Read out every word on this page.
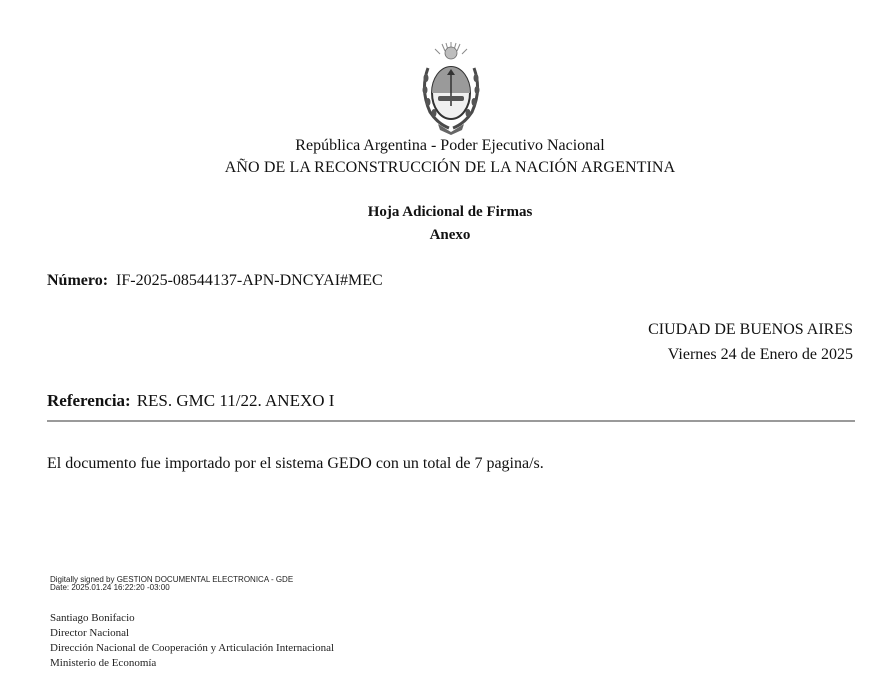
República Argentina - Poder Ejecutivo Nacional
AÑO DE LA RECONSTRUCCIÓN DE LA NACIÓN ARGENTINA
Hoja Adicional de Firmas
Anexo
Número: IF-2025-08544137-APN-DNCYAI#MEC
CIUDAD DE BUENOS AIRES
Viernes 24 de Enero de 2025
Referencia: RES. GMC 11/22. ANEXO I
El documento fue importado por el sistema GEDO con un total de 7 pagina/s.
Digitally signed by GESTION DOCUMENTAL ELECTRONICA - GDE
Date: 2025.01.24 16:22:20 -03:00
Santiago Bonifacio
Director Nacional
Dirección Nacional de Cooperación y Articulación Internacional
Ministerio de Economía
